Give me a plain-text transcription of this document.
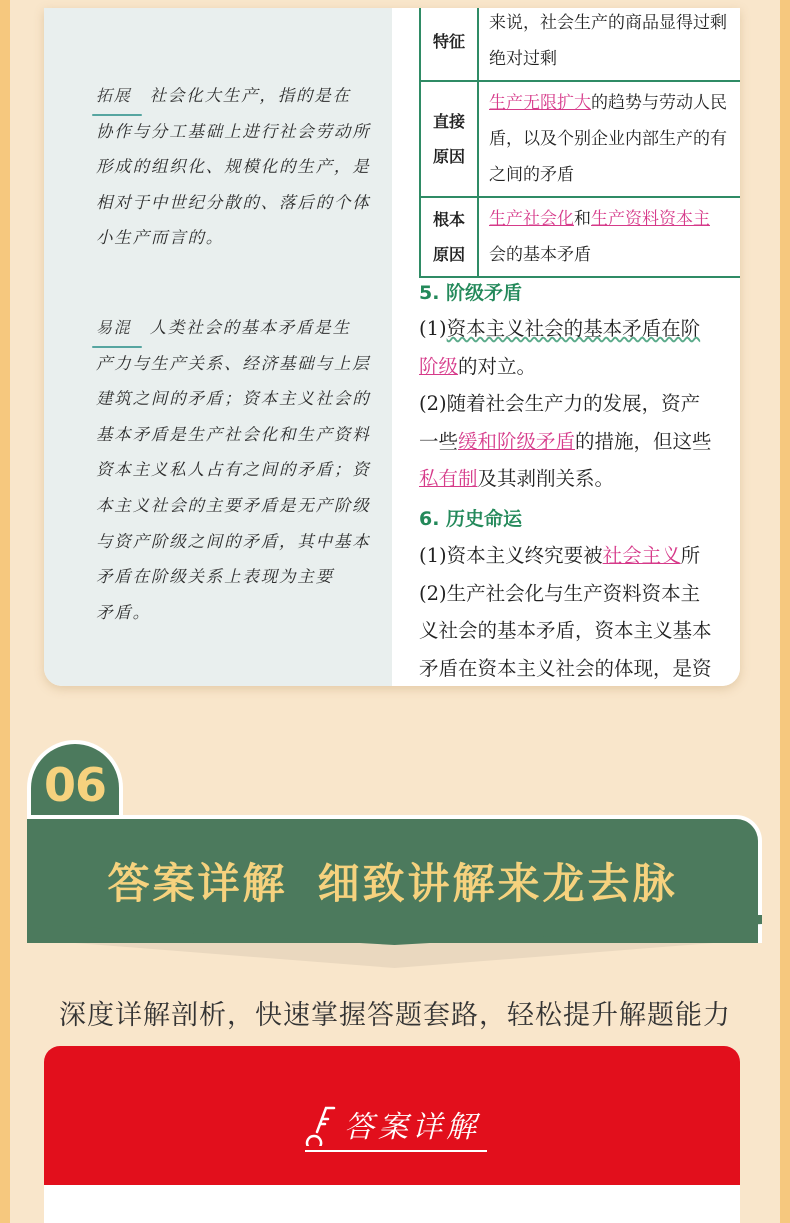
拓展 社会化大生产，指的是在
协作与分工基础上进行社会劳动所
形成的组织化、规模化的生产，是
相对于中世纪分散的、落后的个体
小生产而言的。

易混 人类社会的基本矛盾是生
产力与生产关系、经济基础与上层
建筑之间的矛盾；资本主义社会的
基本矛盾是生产社会化和生产资料
资本主义私人占有之间的矛盾；资
本主义社会的主要矛盾是无产阶级
与资产阶级之间的矛盾，其中基本
矛盾在阶级关系上表现为主要
矛盾。

特征	来说，社会生产的商品显得过剩
绝对过剩
直接
原因	生产无限扩大的趋势与劳动人民
盾，以及个别企业内部生产的有
之间的矛盾
根本
原因	生产社会化和生产资料资本主
会的基本矛盾
5. 阶级矛盾
(1)资本主义社会的基本矛盾在阶
阶级的对立。
(2)随着社会生产力的发展，资产
一些缓和阶级矛盾的措施，但这些
私有制及其剥削关系。
6. 历史命运
(1)资本主义终究要被社会主义所
(2)生产社会化与生产资料资本主
义社会的基本矛盾，资本主义基本
矛盾在资本主义社会的体现，是资
06
答案详解 细致讲解来龙去脉
深度详解剖析，快速掌握答题套路，轻松提升解题能力
答案详解
